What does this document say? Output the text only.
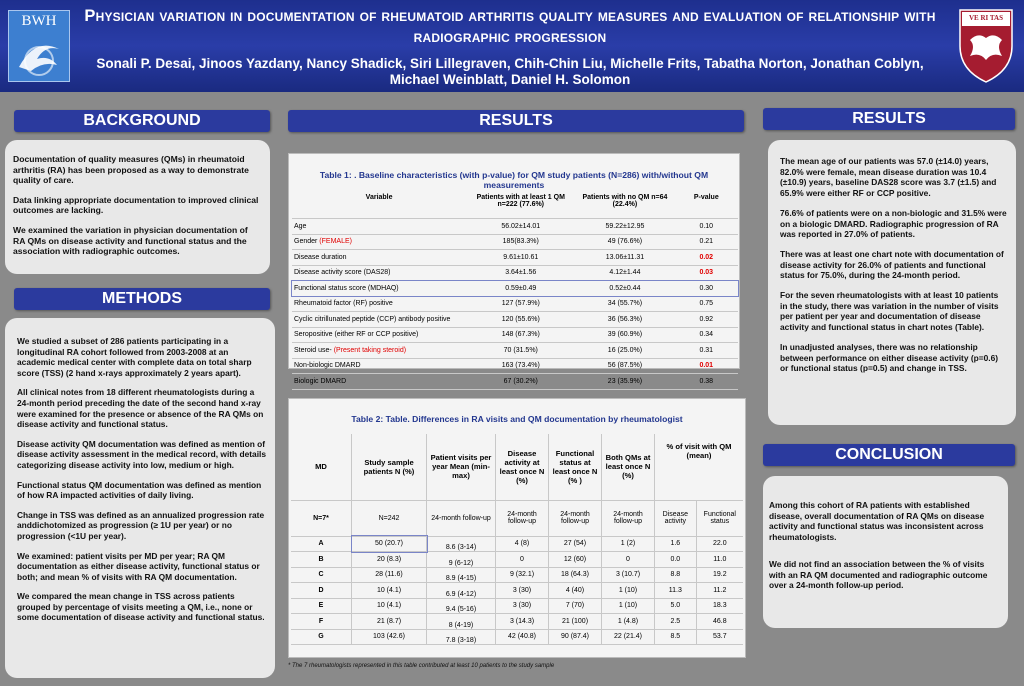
BWH	Physician variation in documentation of rheumatoid arthritis quality measures and evaluation of relationship with radiographic progression
Sonali P. Desai, Jinoos Yazdany, Nancy Shadick, Siri Lillegraven, Chih-Chin Liu, Michelle Frits, Tabatha Norton, Jonathan Coblyn, Michael Weinblatt, Daniel H. Solomon
VE RI TAS
BACKGROUND

Documentation of quality measures (QMs) in rheumatoid arthritis (RA) has been proposed as a way to demonstrate quality of care.

Data linking appropriate documentation to improved clinical outcomes are lacking.

We examined the variation in physician documentation of RA QMs on disease activity and functional status and the association with radiographic outcomes.

METHODS

We studied a subset of 286 patients participating in a longitudinal RA cohort followed from 2003-2008 at an academic medical center with complete data on total sharp score (TSS) (2 hand x-rays approximately 2 years apart).

All clinical notes from 18 different rheumatologists during a 24-month period preceding the date of the second hand x-ray were examined for the presence or absence of the RA QMs on disease activity and functional status.

Disease activity QM documentation was defined as mention of disease activity assessment in the medical record, with details categorizing disease activity into low, medium or high.

Functional status QM documentation was defined as mention of how RA impacted activities of daily living.

Change in TSS was defined as an annualized progression rate anddichotomized as progression (≥ 1U per year) or no progression (<1U per year).

We examined: patient visits per MD per year; RA QM documentation as either disease activity, functional status or both; and mean % of visits with RA QM documentation.

We compared the mean change in TSS across patients grouped by percentage of visits meeting a QM, i.e., none or some documentation of disease activity and functional status.

RESULTS
Table 1: . Baseline characteristics (with p-value) for QM study patients (N=286) with/without QM measurements
Variable	Patients with at least 1 QM n=222 (77.6%)	Patients with no QM n=64 (22.4%)	P-value
Age	56.02±14.01	59.22±12.95	0.10
Gender (FEMALE)	185(83.3%)	49 (76.6%)	0.21
Disease duration	9.61±10.61	13.06±11.31	0.02
Disease activity score (DAS28)	3.64±1.56	4.12±1.44	0.03
Functional status score (MDHAQ)	0.59±0.49	0.52±0.44	0.30
Rheumatoid factor (RF) positive	127 (57.9%)	34 (55.7%)	0.75
Cyclic citrillunated peptide (CCP) antibody positive	120 (55.6%)	36 (56.3%)	0.92
Seropositive (either RF or CCP positive)	148 (67.3%)	39 (60.9%)	0.34
Steroid use- (Present taking steroid)	70 (31.5%)	16 (25.0%)	0.31
Non-biologic DMARD	163 (73.4%)	56 (87.5%)	0.01
Biologic DMARD	67 (30.2%)	23 (35.9%)	0.38
Table 2: Table. Differences in RA visits and QM documentation by rheumatologist
MD	Study sample patients N (%)	Patient visits per year Mean (min-max)	Disease activity at least once N (%)	Functional status at least once N (% )	Both QMs at least once N (%)	% of visit with QM (mean)	
N=7*	N=242	24-month follow-up	24-month follow-up	24-month follow-up	24-month follow-up	Disease activity	Functional status
A	50 (20.7)	8.6 (3-14)	4 (8)	27 (54)	1 (2)	1.6	22.0
B	20 (8.3)	9 (6-12)	0	12 (60)	0	0.0	11.0
C	28 (11.6)	8.9 (4-15)	9 (32.1)	18 (64.3)	3 (10.7)	8.8	19.2
D	10 (4.1)	6.9 (4-12)	3 (30)	4 (40)	1 (10)	11.3	11.2
E	10 (4.1)	9.4 (5-16)	3 (30)	7 (70)	1 (10)	5.0	18.3
F	21 (8.7)	8 (4-19)	3 (14.3)	21 (100)	1 (4.8)	2.5	46.8
G	103 (42.6)	7.8 (3-18)	42 (40.8)	90 (87.4)	22 (21.4)	8.5	53.7
* The 7 rheumatologists represented in this table contributed at least 10 patients to the study sample
RESULTS

The mean age of our patients was 57.0 (±14.0) years, 82.0% were female, mean disease duration was 10.4 (±10.9) years, baseline DAS28 score was 3.7 (±1.5) and 65.9% were either RF or CCP positive.

76.6% of patients were on a non-biologic and 31.5% were on a biologic DMARD. Radiographic progression of RA was reported in 27.0% of patients.

There was at least one chart note with documentation of disease activity for 26.0% of patients and functional status for 75.0%, during the 24-month period.

For the seven rheumatologists with at least 10 patients in the study, there was variation in the number of visits per patient per year and documentation of disease activity and functional status in chart notes (Table).

In unadjusted analyses, there was no relationship between performance on either disease activity (p=0.6) or functional status (p=0.5) and change in TSS.

CONCLUSION

Among this cohort of RA patients with established disease, overall documentation of RA QMs on disease activity and functional status was inconsistent across rheumatologists.

We did not find an association between the % of visits with an RA QM documented and radiographic outcome over a 24-month follow-up period.
